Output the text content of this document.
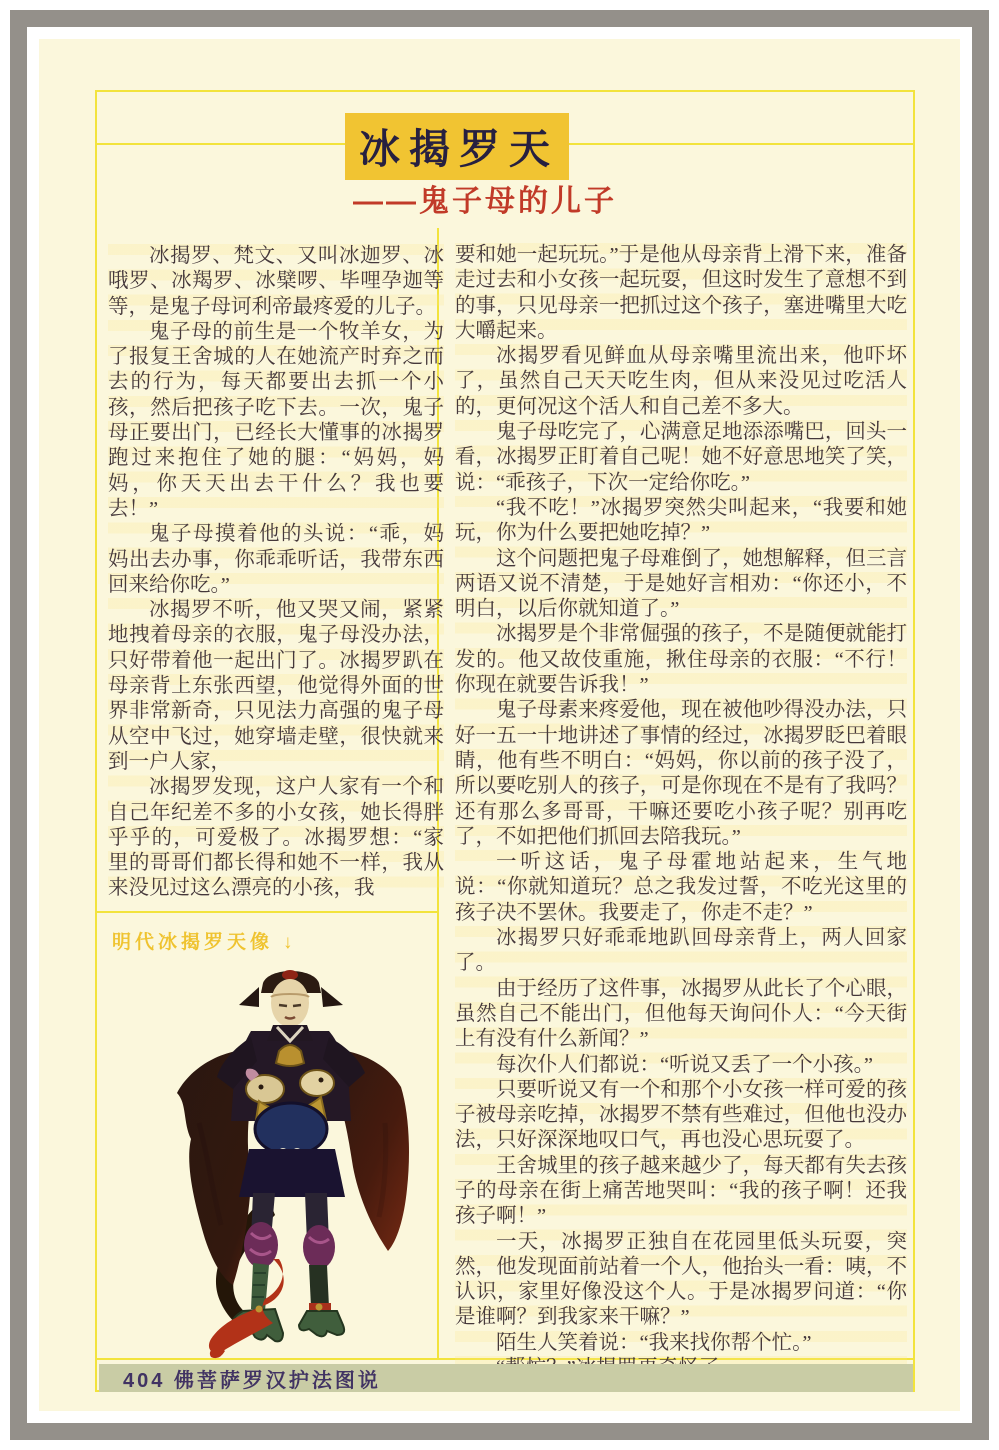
冰揭罗天
——鬼子母的儿子

冰揭罗、梵文、又叫冰迦罗、冰哦罗、冰羯罗、冰檗啰、毕哩孕迦等等，是鬼子母诃利帝最疼爱的儿子。

鬼子母的前生是一个牧羊女，为了报复王舍城的人在她流产时弃之而去的行为，每天都要出去抓一个小孩，然后把孩子吃下去。一次，鬼子母正要出门，已经长大懂事的冰揭罗跑过来抱住了她的腿：“妈妈，妈妈，你天天出去干什么？我也要去！”

鬼子母摸着他的头说：“乖，妈妈出去办事，你乖乖听话，我带东西回来给你吃。”

冰揭罗不听，他又哭又闹，紧紧地拽着母亲的衣服，鬼子母没办法，只好带着他一起出门了。冰揭罗趴在母亲背上东张西望，他觉得外面的世界非常新奇，只见法力高强的鬼子母从空中飞过，她穿墙走壁，很快就来到一户人家，

冰揭罗发现，这户人家有一个和自己年纪差不多的小女孩，她长得胖乎乎的，可爱极了。冰揭罗想：“家里的哥哥们都长得和她不一样，我从来没见过这么漂亮的小孩，我

要和她一起玩玩。”于是他从母亲背上滑下来，准备走过去和小女孩一起玩耍，但这时发生了意想不到的事，只见母亲一把抓过这个孩子，塞进嘴里大吃大嚼起来。

冰揭罗看见鲜血从母亲嘴里流出来，他吓坏了，虽然自己天天吃生肉，但从来没见过吃活人的，更何况这个活人和自己差不多大。

鬼子母吃完了，心满意足地添添嘴巴，回头一看，冰揭罗正盯着自己呢！她不好意思地笑了笑，说：“乖孩子，下次一定给你吃。”

“我不吃！”冰揭罗突然尖叫起来，“我要和她玩，你为什么要把她吃掉？”

这个问题把鬼子母难倒了，她想解释，但三言两语又说不清楚，于是她好言相劝：“你还小，不明白，以后你就知道了。”

冰揭罗是个非常倔强的孩子，不是随便就能打发的。他又故伎重施，揪住母亲的衣服：“不行！你现在就要告诉我！”

鬼子母素来疼爱他，现在被他吵得没办法，只好一五一十地讲述了事情的经过，冰揭罗眨巴着眼睛，他有些不明白：“妈妈，你以前的孩子没了，所以要吃别人的孩子，可是你现在不是有了我吗？还有那么多哥哥，干嘛还要吃小孩子呢？别再吃了，不如把他们抓回去陪我玩。”

一听这话，鬼子母霍地站起来，生气地说：“你就知道玩？总之我发过誓，不吃光这里的孩子决不罢休。我要走了，你走不走？”

冰揭罗只好乖乖地趴回母亲背上，两人回家了。

由于经历了这件事，冰揭罗从此长了个心眼，虽然自己不能出门，但他每天询问仆人：“今天街上有没有什么新闻？”

每次仆人们都说：“听说又丢了一个小孩。”

只要听说又有一个和那个小女孩一样可爱的孩子被母亲吃掉，冰揭罗不禁有些难过，但他也没办法，只好深深地叹口气，再也没心思玩耍了。

王舍城里的孩子越来越少了，每天都有失去孩子的母亲在街上痛苦地哭叫：“我的孩子啊！还我孩子啊！”

一天，冰揭罗正独自在花园里低头玩耍，突然，他发现面前站着一个人，他抬头一看：咦，不认识，家里好像没这个人。于是冰揭罗问道：“你是谁啊？到我家来干嘛？”

陌生人笑着说：“我来找你帮个忙。”

明代冰揭罗天像 ↓
404 佛菩萨罗汉护法图说
